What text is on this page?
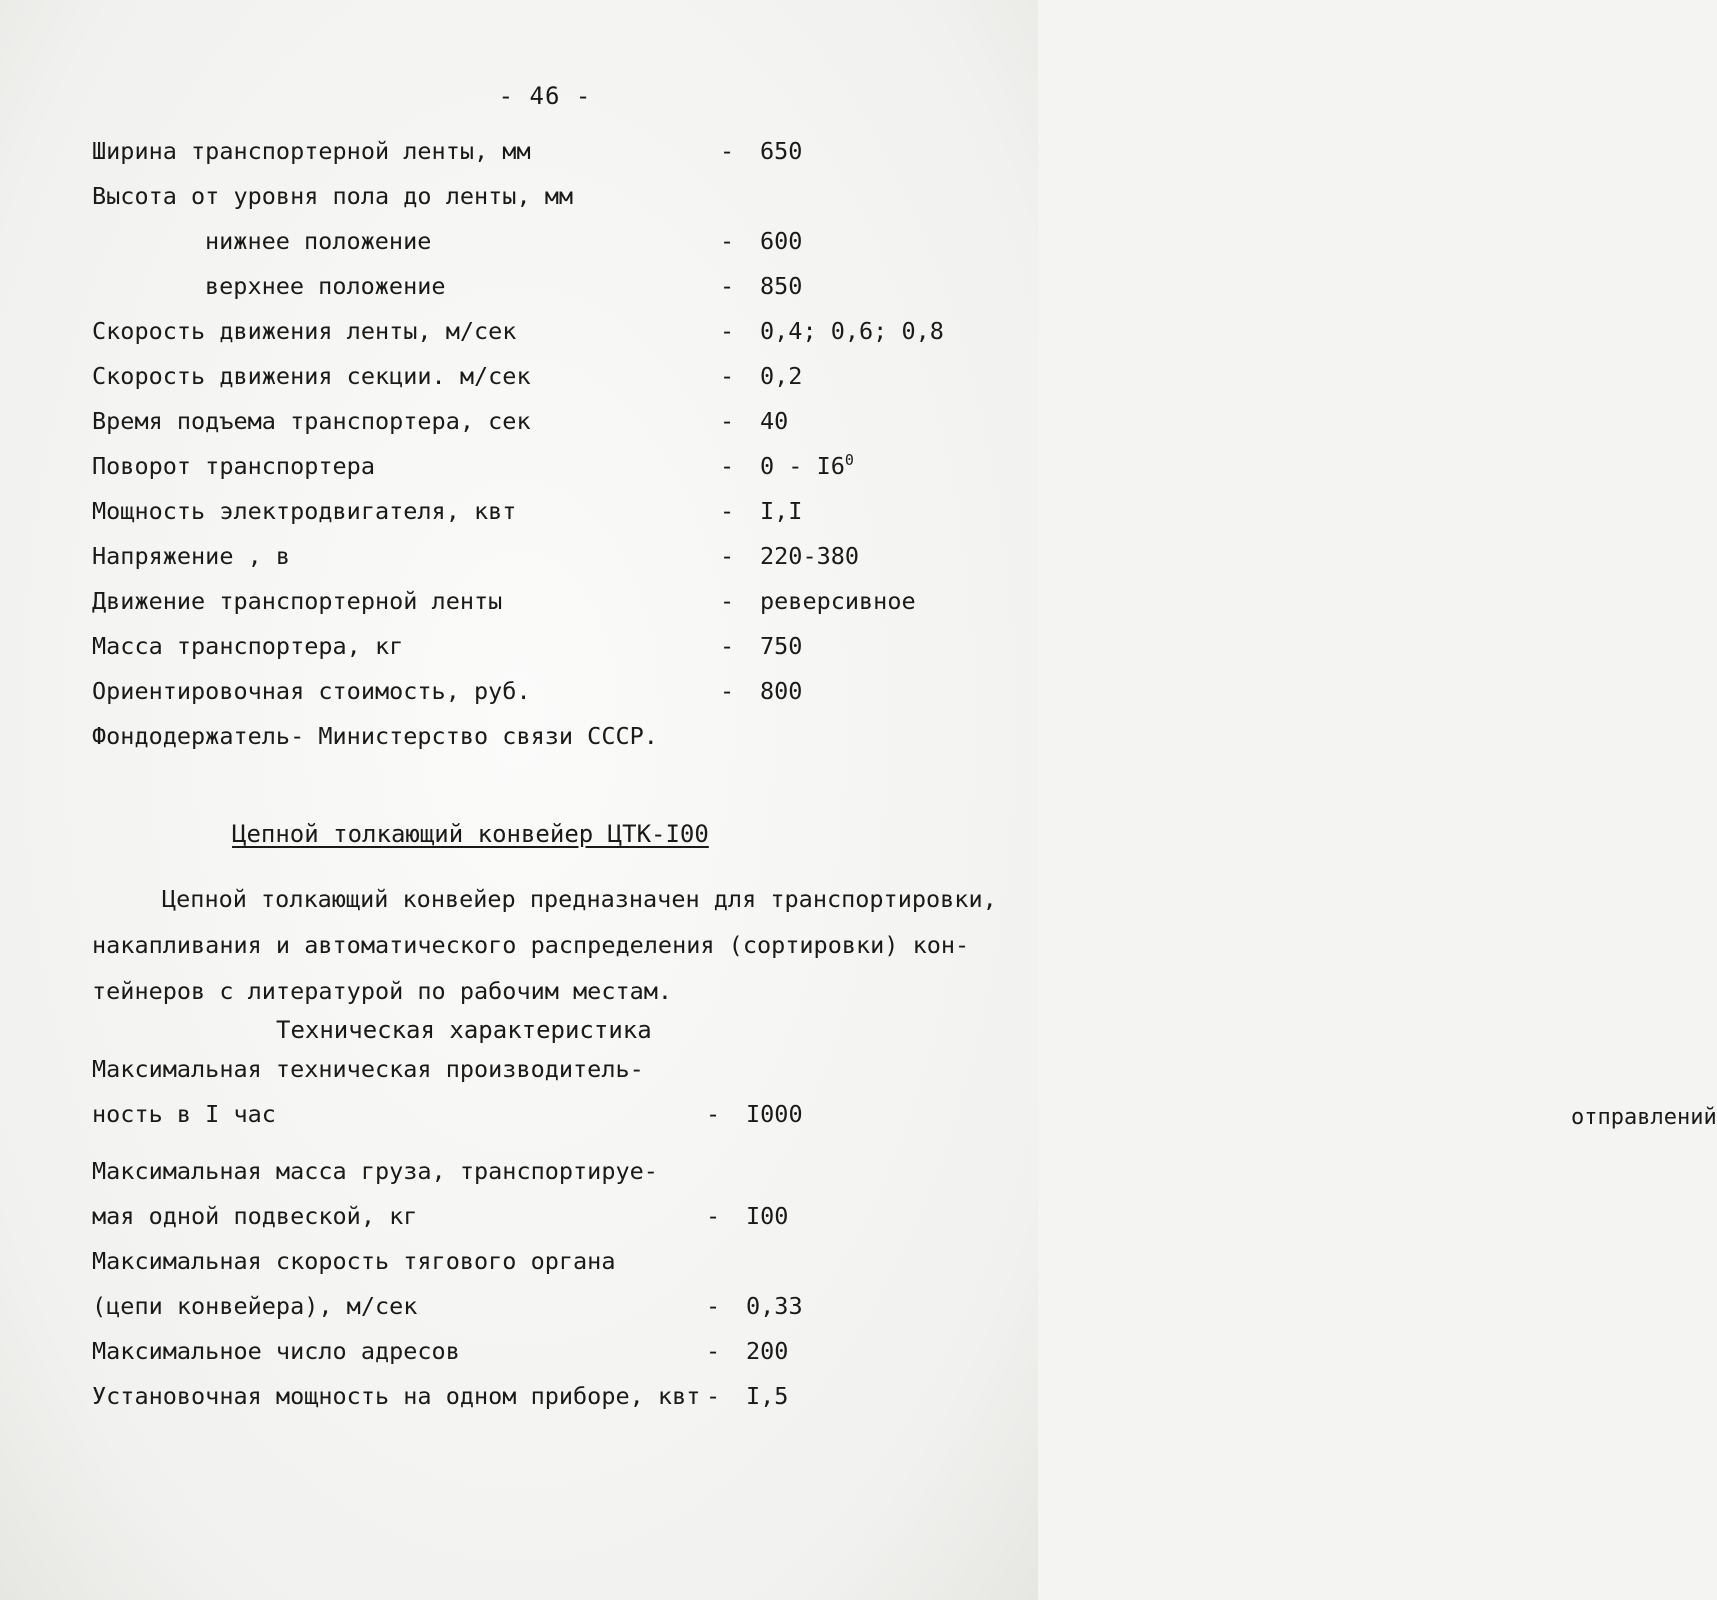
- 46 -
Ширина транспортерной ленты, мм	- 650
Высота от уровня пола до ленты, мм
нижнее положение	- 600
верхнее положение	- 850
Скорость движения ленты, м/сек	- 0,4; 0,6; 0,8
Скорость движения секции. м/сек	- 0,2
Время подъема транспортера, сек	- 40
Поворот транспортера	- $0 - I6^0$
Мощность электродвигателя, квт	- I,I
Напряжение , в	- 220-380
Движение транспортерной ленты	- реверсивное
Масса транспортера, кг	- 750
Ориентировочная стоимость, руб.	- 800
Фондодержатель- Министерство связи СССР.
Цепной толкающий конвейер ЦТК-I00
Цепной толкающий конвейер предназначен для транспортировки,
накапливания и автоматического распределения (сортировки) кон-
тейнеров с литературой по рабочим местам.
Техническая характеристика
Максимальная техническая производитель-
ность в I час	- I000	отправлений
Максимальная масса груза, транспортируе-
мая одной подвеской, кг	- I00
Максимальная скорость тягового органа
(цепи конвейера), м/сек	- 0,33
Максимальное число адресов	- 200
Установочная мощность на одном приборе, квт - I,5
